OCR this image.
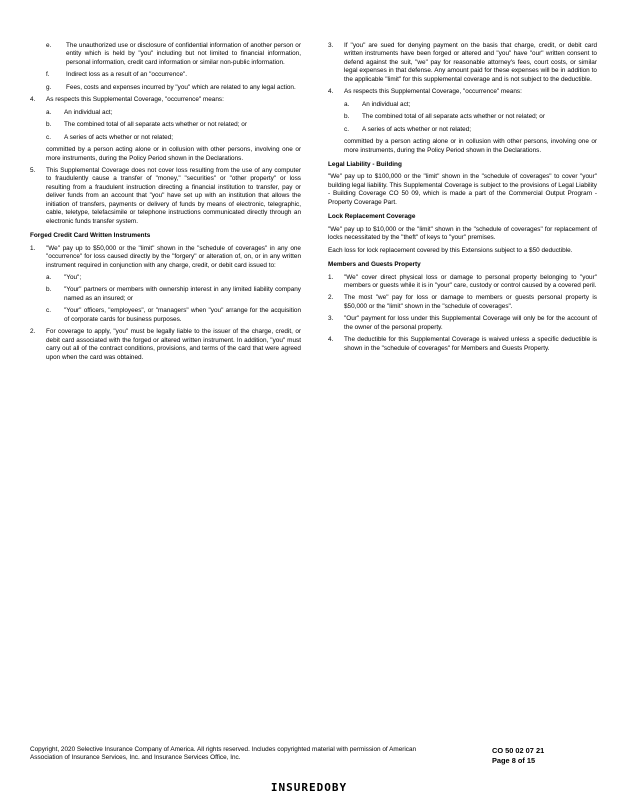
e.	The unauthorized use or disclosure of confidential information of another person or entity which is held by "you" including but not limited to financial information, personal information, credit card information or similar non-public information.
f.	Indirect loss as a result of an "occurrence".
g.	Fees, costs and expenses incurred by "you" which are related to any legal action.
4.	As respects this Supplemental Coverage, "occurrence" means:
a.	An individual act;
b.	The combined total of all separate acts whether or not related; or
c.	A series of acts whether or not related;

committed by a person acting alone or in collusion with other persons, involving one or more instruments, during the Policy Period shown in the Declarations.

5.	This Supplemental Coverage does not cover loss resulting from the use of any computer to fraudulently cause a transfer of "money," "securities" or "other property" or loss resulting from a fraudulent instruction directing a financial institution to transfer, pay or deliver funds from an account that "you" have set up with an institution that allows the initiation of transfers, payments or delivery of funds by means of electronic, telegraphic, cable, teletype, telefacsimile or telephone instructions communicated directly through an electronic funds transfer system.
Forged Credit Card Written Instruments
1.	"We" pay up to $50,000 or the "limit" shown in the "schedule of coverages" in any one "occurrence" for loss caused directly by the "forgery" or alteration of, on, or in any written instrument required in conjunction with any charge, credit, or debit card issued to:
a.	"You";
b.	"Your" partners or members with ownership interest in any limited liability company named as an insured; or
c.	"Your" officers, "employees", or "managers" when "you" arrange for the acquisition of corporate cards for business purposes.
2.	For coverage to apply, "you" must be legally liable to the issuer of the charge, credit, or debit card associated with the forged or altered written instrument. In addition, "you" must carry out all of the contract conditions, provisions, and terms of the card that were agreed upon when the card was obtained.
3.	If "you" are sued for denying payment on the basis that charge, credit, or debit card written instruments have been forged or altered and "you" have "our" written consent to defend against the suit, "we" pay for reasonable attorney's fees, court costs, or similar legal expenses in that defense. Any amount paid for these expenses will be in addition to the applicable "limit" for this supplemental coverage and is not subject to the deductible.
4.	As respects this Supplemental Coverage, "occurrence" means:
a.	An individual act;
b.	The combined total of all separate acts whether or not related; or
c.	A series of acts whether or not related;

committed by a person acting alone or in collusion with other persons, involving one or more instruments, during the Policy Period shown in the Declarations.

Legal Liability - Building

"We" pay up to $100,000 or the "limit" shown in the "schedule of coverages" to cover "your" building legal liability. This Supplemental Coverage is subject to the provisions of Legal Liability - Building Coverage CO 50 09, which is made a part of the Commercial Output Program - Property Coverage Part.

Lock Replacement Coverage

"We" pay up to $10,000 or the "limit" shown in the "schedule of coverages" for replacement of locks necessitated by the "theft" of keys to "your" premises.

Each loss for lock replacement covered by this Extensions subject to a $50 deductible.

Members and Guests Property
1.	"We" cover direct physical loss or damage to personal property belonging to "your" members or guests while it is in "your" care, custody or control caused by a covered peril.
2.	The most "we" pay for loss or damage to members or guests personal property is $50,000 or the "limit" shown in the "schedule of coverages".
3.	"Our" payment for loss under this Supplemental Coverage will only be for the account of the owner of the personal property.
4.	The deductible for this Supplemental Coverage is waived unless a specific deductible is shown in the "schedule of coverages" for Members and Guests Property.
Copyright, 2020 Selective Insurance Company of America. All rights reserved. Includes copyrighted material with permission of American Association of Insurance Services, Inc. and Insurance Services Office, Inc.
CO 50 02 07 21
Page 8 of 15
INSUREDOBY
